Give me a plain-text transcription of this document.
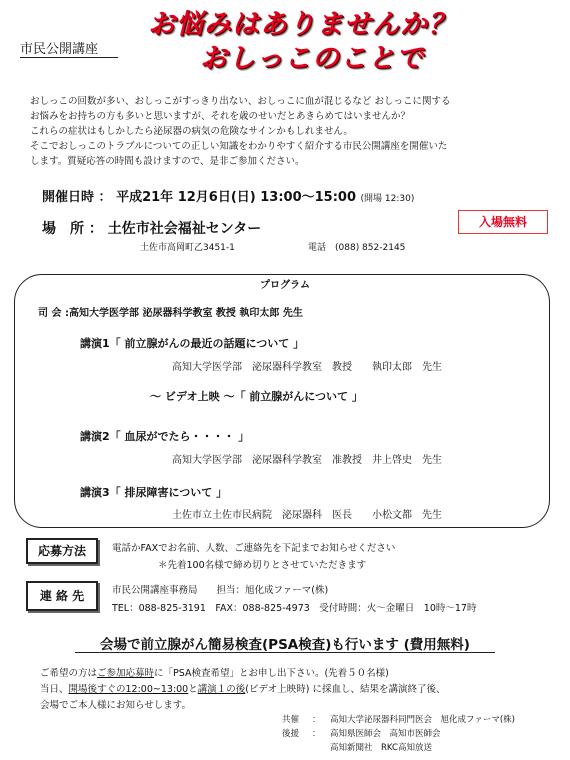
市民公開講座
お悩みはありませんか？
おしっこのことで

おしっこの回数が多い、おしっこがすっきり出ない、おしっこに血が混じるなど おしっこに関する

お悩みをお持ちの方も多いと思いますが、それを歳のせいだとあきらめてはいませんか？

これらの症状はもしかしたら泌尿器の病気の危険なサインかもしれません。

そこでおしっこのトラブルについての正しい知識をわかりやすく紹介する市民公開講座を開催いた

します。質疑応答の時間も設けますので、是非ご参加ください。

開催日時 ： 平成21年 12月6日(日) 13:00～15:00 (開場 12:30)
入場無料
場　所 ： 土佐市社会福祉センター
土佐市高岡町乙3451-1	電話　(088) 852-2145
プログラム
司 会 :高知大学医学部 泌尿器科学教室 教授 執印太郎 先生
講演1「 前立腺がんの最近の話題について 」
高知大学医学部　泌尿器科学教室　教授　　執印太郎　先生
～ ビデオ上映 ～「 前立腺がんについて 」
講演2「 血尿がでたら・・・・ 」
高知大学医学部　泌尿器科学教室　准教授　井上啓史　先生
講演3「 排尿障害について 」
土佐市立土佐市民病院　泌尿器科　医長　　小松文都　先生
応募方法	電話かFAXでお名前、人数、ご連絡先を下記までお知らせください
＊先着100名様で締め切りとさせていただきます
連 絡 先	市民公開講座事務局　　担当：旭化成ファーマ(株)
TEL：088-825-3191　FAX：088-825-4973　受付時間：火～金曜日　10時～17時
会場で前立腺がん簡易検査(PSA検査)も行います (費用無料)
ご希望の方はご参加応募時に「PSA検査希望」とお申し出下さい。(先着５０名様)
当日、開場後すぐの12:00~13:00と講演１の後(ビデオ上映時) に採血し、結果を講演終了後、
会場でご本人様にお知らせします。
共催 ： 高知大学泌尿器科同門医会　旭化成ファーマ(株)
後援 ： 高知県医師会　高知市医師会
高知新聞社　RKC高知放送
